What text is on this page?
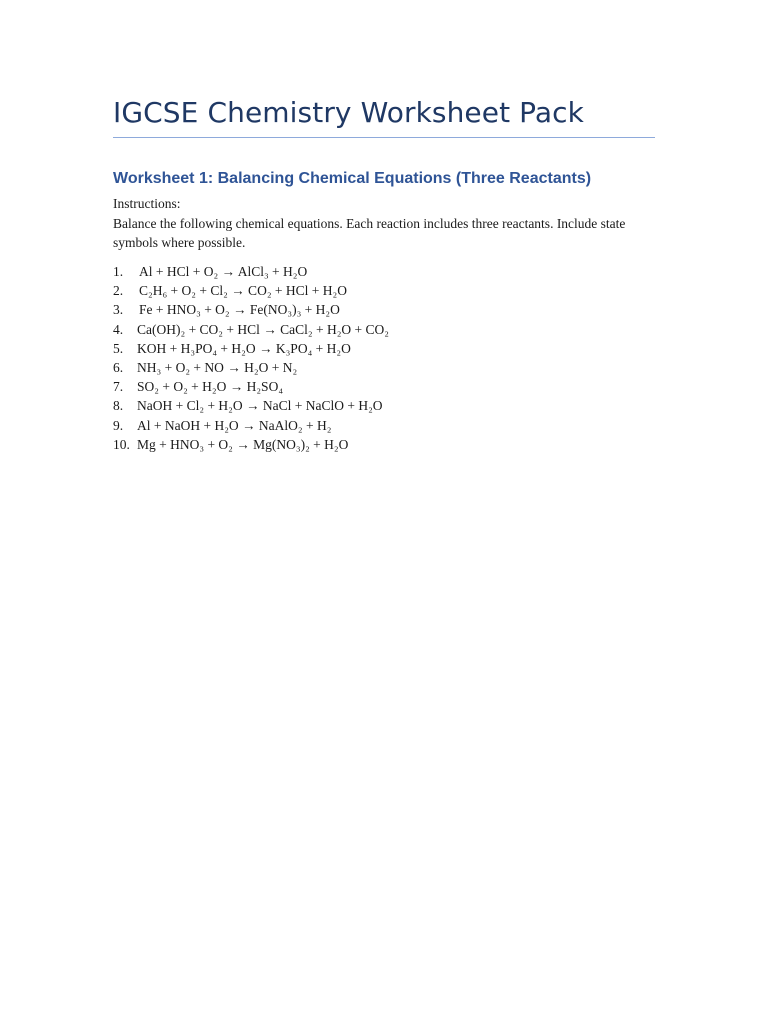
IGCSE Chemistry Worksheet Pack
Worksheet 1: Balancing Chemical Equations (Three Reactants)

Instructions:

Balance the following chemical equations. Each reaction includes three reactants. Include state symbols where possible.

1.	Al + HCl + O₂ → AlCl₃ + H₂O
2.	C₂H₆ + O₂ + Cl₂ → CO₂ + HCl + H₂O
3.	Fe + HNO₃ + O₂ → Fe(NO₃)₃ + H₂O
4.	Ca(OH)₂ + CO₂ + HCl → CaCl₂ + H₂O + CO₂
5.	KOH + H₃PO₄ + H₂O → K₃PO₄ + H₂O
6.	NH₃ + O₂ + NO → H₂O + N₂
7.	SO₂ + O₂ + H₂O → H₂SO₄
8.	NaOH + Cl₂ + H₂O → NaCl + NaClO + H₂O
9.	Al + NaOH + H₂O → NaAlO₂ + H₂
10. Mg + HNO₃ + O₂ → Mg(NO₃)₂ + H₂O
